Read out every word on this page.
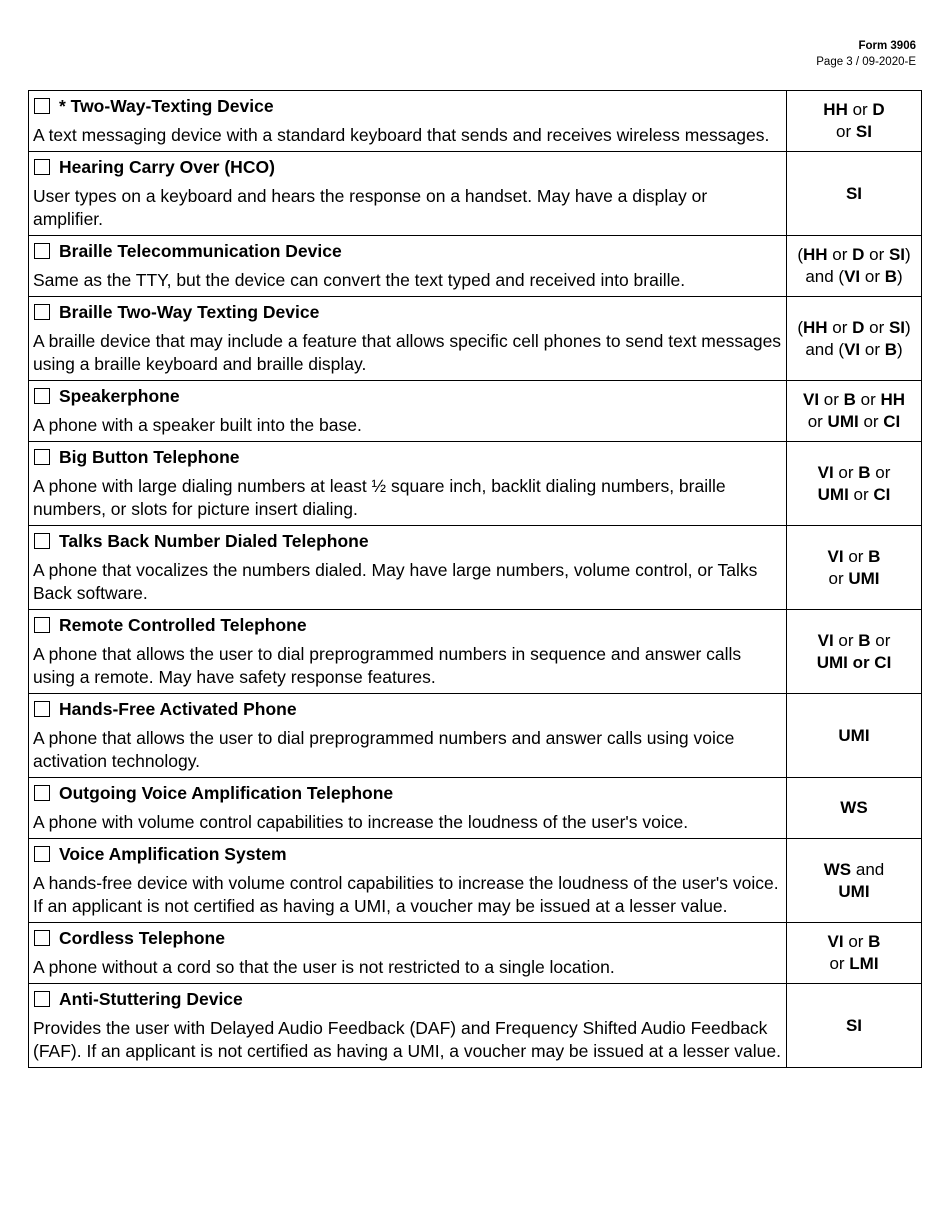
Form 3906
Page 3 / 09-2020-E
* Two-Way-Texting Device
A text messaging device with a standard keyboard that sends and receives wireless messages.
HH or D
or SI
Hearing Carry Over (HCO)
User types on a keyboard and hears the response on a handset. May have a display or amplifier.
SI
Braille Telecommunication Device
Same as the TTY, but the device can convert the text typed and received into braille.
(HH or D or SI)
and (VI or B)
Braille Two-Way Texting Device
A braille device that may include a feature that allows specific cell phones to send text messages using a braille keyboard and braille display.
(HH or D or SI)
and (VI or B)
Speakerphone
A phone with a speaker built into the base.
VI or B or HH
or UMI or CI
Big Button Telephone
A phone with large dialing numbers at least ½ square inch, backlit dialing numbers, braille numbers, or slots for picture insert dialing.
VI or B or
UMI or CI
Talks Back Number Dialed Telephone
A phone that vocalizes the numbers dialed. May have large numbers, volume control, or Talks Back software.
VI or B
or UMI
Remote Controlled Telephone
A phone that allows the user to dial preprogrammed numbers in sequence and answer calls using a remote. May have safety response features.
VI or B or
UMI or CI
Hands-Free Activated Phone
A phone that allows the user to dial preprogrammed numbers and answer calls using voice activation technology.
UMI
Outgoing Voice Amplification Telephone
A phone with volume control capabilities to increase the loudness of the user's voice.
WS
Voice Amplification System
A hands-free device with volume control capabilities to increase the loudness of the user's voice. If an applicant is not certified as having a UMI, a voucher may be issued at a lesser value.
WS and
UMI
Cordless Telephone
A phone without a cord so that the user is not restricted to a single location.
VI or B
or LMI
Anti-Stuttering Device
Provides the user with Delayed Audio Feedback (DAF) and Frequency Shifted Audio Feedback (FAF). If an applicant is not certified as having a UMI, a voucher may be issued at a lesser value.
SI
